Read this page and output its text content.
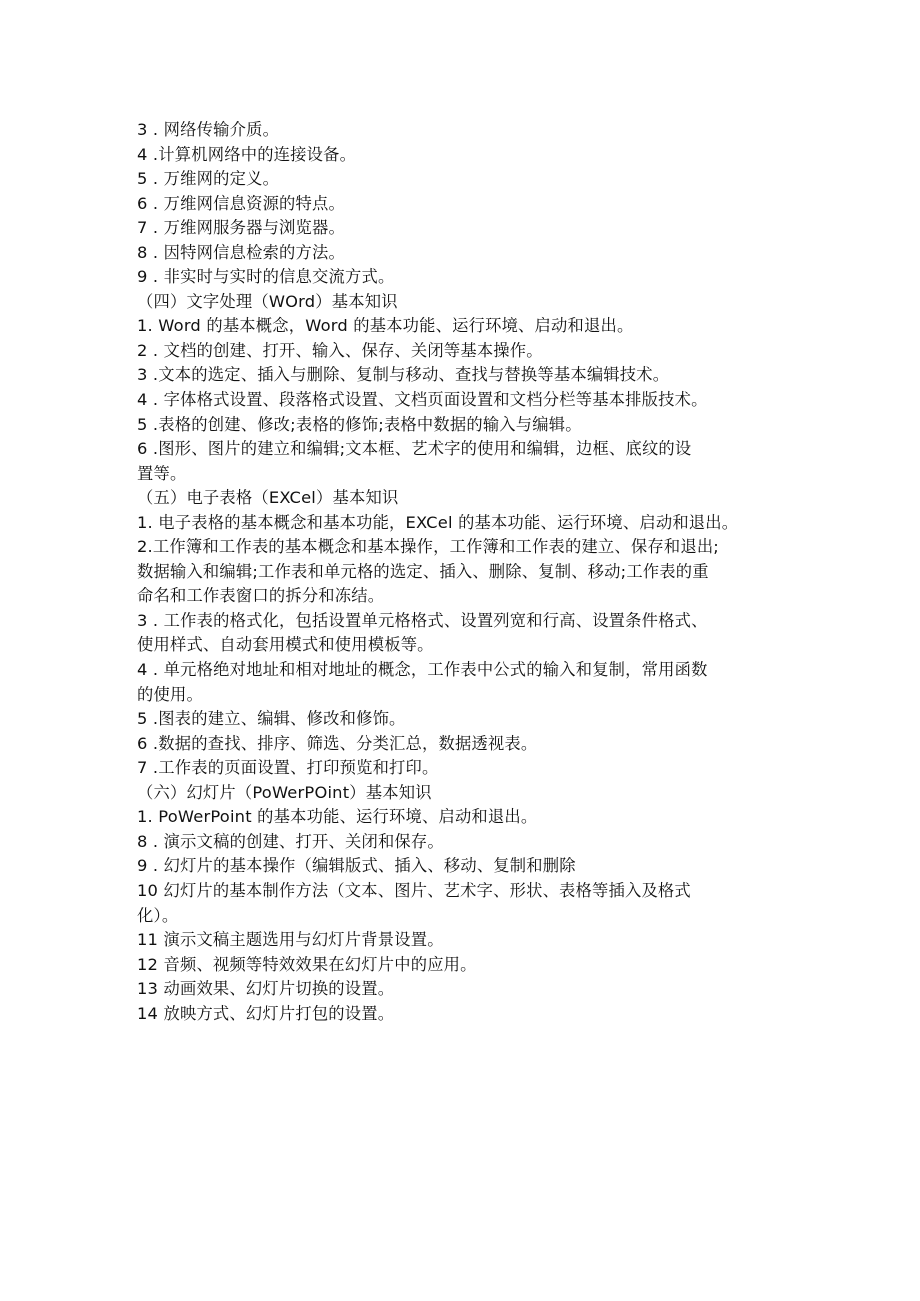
3 . 网络传输介质。
4 .计算机网络中的连接设备。
5 . 万维网的定义。
6 . 万维网信息资源的特点。
7 . 万维网服务器与浏览器。
8 . 因特网信息检索的方法。
9 . 非实时与实时的信息交流方式。
（四）文字处理（WOrd）基本知识
1. Word 的基本概念，Word 的基本功能、运行环境、启动和退出。
2 . 文档的创建、打开、输入、保存、关闭等基本操作。
3 .文本的选定、插入与删除、复制与移动、查找与替换等基本编辑技术。
4 . 字体格式设置、段落格式设置、文档页面设置和文档分栏等基本排版技术。
5 .表格的创建、修改;表格的修饰;表格中数据的输入与编辑。
6 .图形、图片的建立和编辑;文本框、艺术字的使用和编辑，边框、底纹的设
置等。
（五）电子表格（EXCel）基本知识
1. 电子表格的基本概念和基本功能，EXCel 的基本功能、运行环境、启动和退出。
2.工作簿和工作表的基本概念和基本操作，工作簿和工作表的建立、保存和退出;
数据输入和编辑;工作表和单元格的选定、插入、删除、复制、移动;工作表的重
命名和工作表窗口的拆分和冻结。
3 . 工作表的格式化，包括设置单元格格式、设置列宽和行高、设置条件格式、
使用样式、自动套用模式和使用模板等。
4 . 单元格绝对地址和相对地址的概念，工作表中公式的输入和复制，常用函数
的使用。
5 .图表的建立、编辑、修改和修饰。
6 .数据的查找、排序、筛选、分类汇总，数据透视表。
7 .工作表的页面设置、打印预览和打印。
（六）幻灯片（PoWerPOint）基本知识
1. PoWerPoint 的基本功能、运行环境、启动和退出。
8 . 演示文稿的创建、打开、关闭和保存。
9 . 幻灯片的基本操作（编辑版式、插入、移动、复制和删除
10 幻灯片的基本制作方法（文本、图片、艺术字、形状、表格等插入及格式
化）。
11 演示文稿主题选用与幻灯片背景设置。
12 音频、视频等特效效果在幻灯片中的应用。
13 动画效果、幻灯片切换的设置。
14 放映方式、幻灯片打包的设置。
